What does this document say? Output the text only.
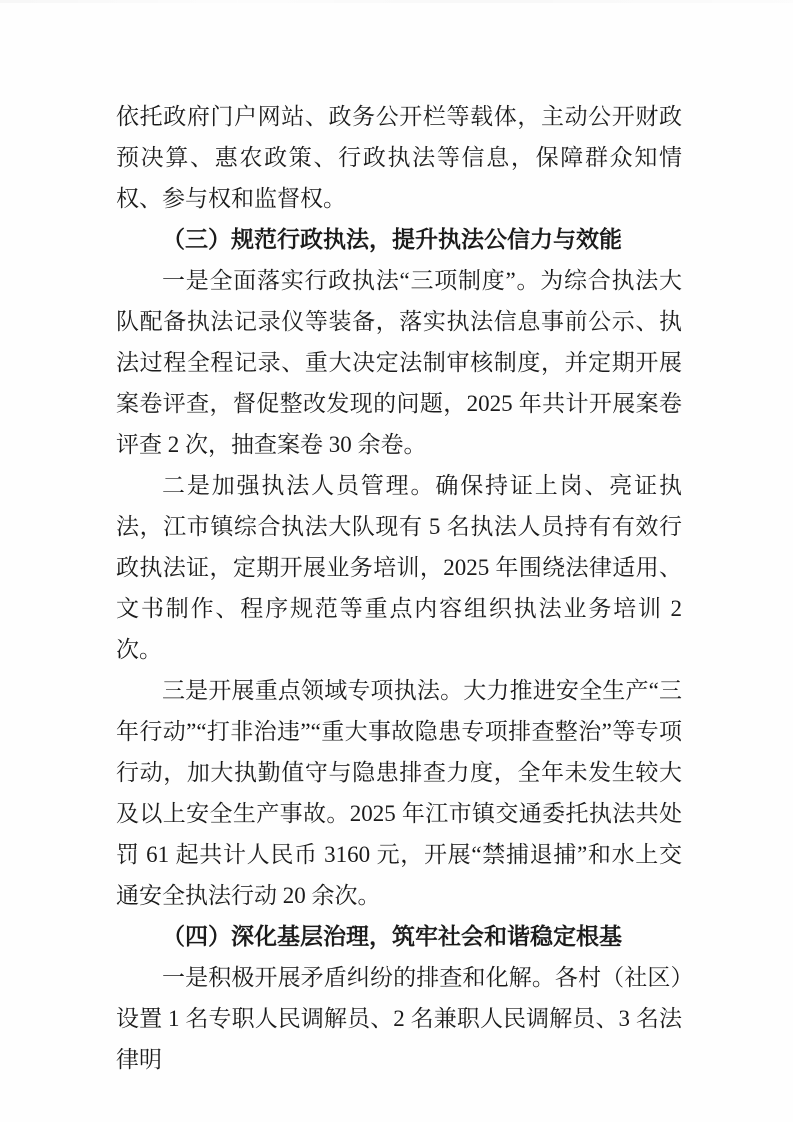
依托政府门户网站、政务公开栏等载体，主动公开财政预决算、惠农政策、行政执法等信息，保障群众知情权、参与权和监督权。

（三）规范行政执法，提升执法公信力与效能

一是全面落实行政执法“三项制度”。为综合执法大队配备执法记录仪等装备，落实执法信息事前公示、执法过程全程记录、重大决定法制审核制度，并定期开展案卷评查，督促整改发现的问题，2025 年共计开展案卷评查 2 次，抽查案卷 30 余卷。

二是加强执法人员管理。确保持证上岗、亮证执法，江市镇综合执法大队现有 5 名执法人员持有有效行政执法证，定期开展业务培训，2025 年围绕法律适用、文书制作、程序规范等重点内容组织执法业务培训 2 次。

三是开展重点领域专项执法。大力推进安全生产“三年行动”“打非治违”“重大事故隐患专项排查整治”等专项行动，加大执勤值守与隐患排查力度，全年未发生较大及以上安全生产事故。2025 年江市镇交通委托执法共处罚 61 起共计人民币 3160 元，开展“禁捕退捕”和水上交通安全执法行动 20 余次。

（四）深化基层治理，筑牢社会和谐稳定根基

一是积极开展矛盾纠纷的排查和化解。各村（社区）设置 1 名专职人民调解员、2 名兼职人民调解员、3 名法律明
